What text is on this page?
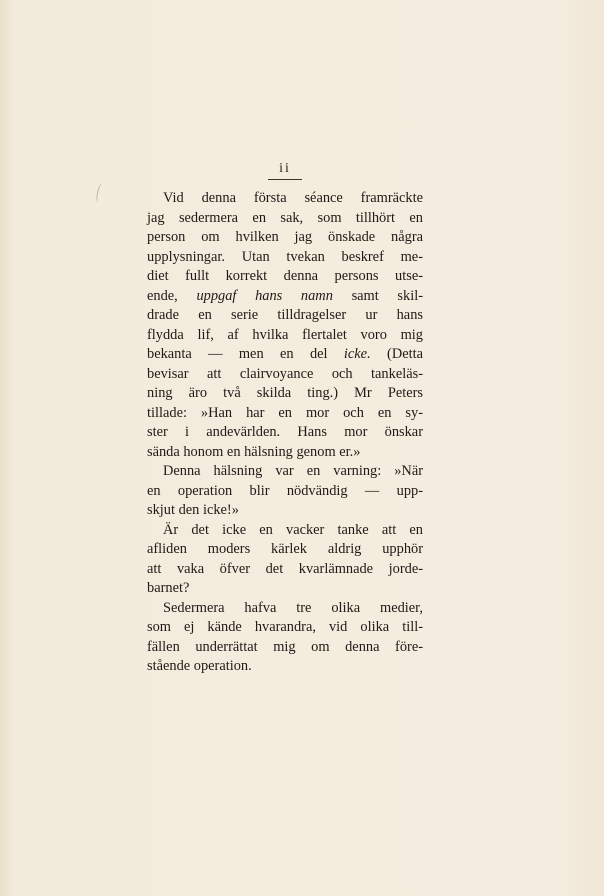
ii
Vid denna första séance framräckte
jag sedermera en sak, som tillhört en
person om hvilken jag önskade några
upplysningar. Utan tvekan beskref me-
diet fullt korrekt denna persons utse-
ende, uppgaf hans namn samt skil-
drade en serie tilldragelser ur hans
flydda lif, af hvilka flertalet voro mig
bekanta — men en del icke. (Detta
bevisar att clairvoyance och tankeläs-
ning äro två skilda ting.) Mr Peters
tillade: »Han har en mor och en sy-
ster i andevärlden. Hans mor önskar
sända honom en hälsning genom er.»
Denna hälsning var en varning: »När
en operation blir nödvändig — upp-
skjut den icke!»
Är det icke en vacker tanke att en
afliden moders kärlek aldrig upphör
att vaka öfver det kvarlämnade jorde-
barnet?
Sedermera hafva tre olika medier,
som ej kände hvarandra, vid olika till-
fällen underrättat mig om denna före-
stående operation.
